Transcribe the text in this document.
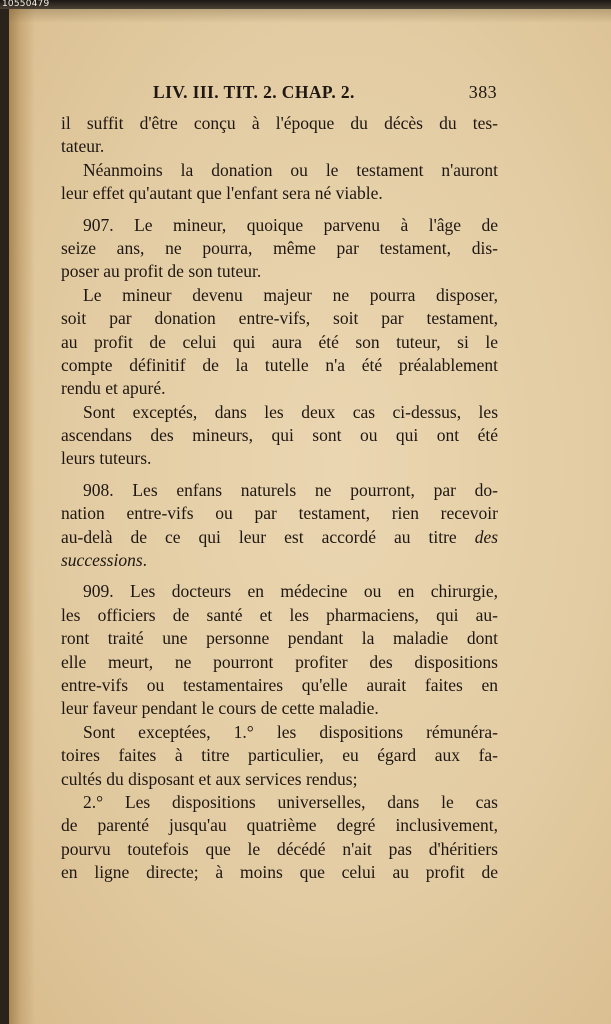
10550479
LIV. III. TIT. 2. CHAP. 2.	383
il suffit d'être conçu à l'époque du décès du tes-
tateur.
Néanmoins la donation ou le testament n'auront
leur effet qu'autant que l'enfant sera né viable.
907. Le mineur, quoique parvenu à l'âge de
seize ans, ne pourra, même par testament, dis-
poser au profit de son tuteur.
Le mineur devenu majeur ne pourra disposer,
soit par donation entre-vifs, soit par testament,
au profit de celui qui aura été son tuteur, si le
compte définitif de la tutelle n'a été préalablement
rendu et apuré.
Sont exceptés, dans les deux cas ci-dessus, les
ascendans des mineurs, qui sont ou qui ont été
leurs tuteurs.
908. Les enfans naturels ne pourront, par do-
nation entre-vifs ou par testament, rien recevoir
au-delà de ce qui leur est accordé au titre des
successions.
909. Les docteurs en médecine ou en chirurgie,
les officiers de santé et les pharmaciens, qui au-
ront traité une personne pendant la maladie dont
elle meurt, ne pourront profiter des dispositions
entre-vifs ou testamentaires qu'elle aurait faites en
leur faveur pendant le cours de cette maladie.
Sont exceptées, 1.° les dispositions rémunéra-
toires faites à titre particulier, eu égard aux fa-
cultés du disposant et aux services rendus;
2.° Les dispositions universelles, dans le cas
de parenté jusqu'au quatrième degré inclusivement,
pourvu toutefois que le décédé n'ait pas d'héritiers
en ligne directe; à moins que celui au profit de
